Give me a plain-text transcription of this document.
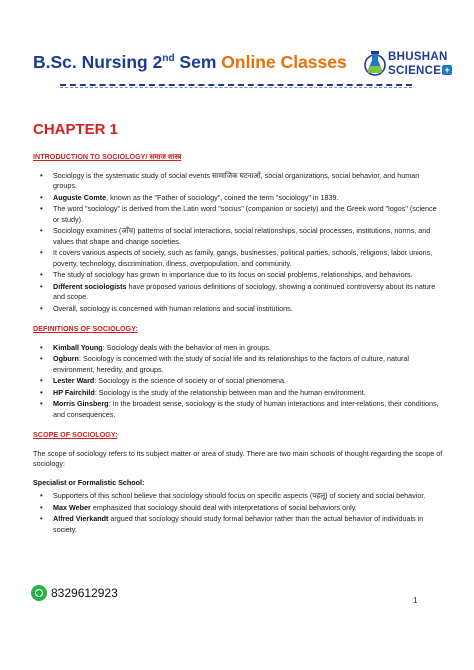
B.Sc. Nursing 2nd Sem Online Classes	BHUSHAN
SCIENCE +
CHAPTER 1
INTRODUCTION TO SOCIOLOGY/ समाज शास्त्र
• Sociology is the systematic study of social events सामाजिक घटनाओं, social organizations, social behavior, and human groups.
• Auguste Comte, known as the "Father of sociology", coined the term "sociology" in 1839.
• The word "sociology" is derived from the Latin word "socius" (companion or society) and the Greek word "logos" (science or study).
• Sociology examines (जाँच) patterns of social interactions, social relationships, social processes, institutions, norms, and values that shape and change societies.
• It covers various aspects of society, such as family, gangs, businesses, political parties, schools, religions, labor unions, poverty, technology, discrimination, illness, overpopulation, and community.
• The study of sociology has grown in importance due to its focus on social problems, relationships, and behaviors.
• Different sociologists have proposed various definitions of sociology, showing a continued controversy about its nature and scope.
• Overall, sociology is concerned with human relations and social institutions.
DEFINITIONS OF SOCIOLOGY:
• Kimball Young: Sociology deals with the behavior of men in groups.
• Ogburn: Sociology is concerned with the study of social life and its relationships to the factors of culture, natural environment, heredity, and groups.
• Lester Ward: Sociology is the science of society or of social phenomena.
• HP Fairchild: Sociology is the study of the relationship between man and the human environment.
• Morris Ginsberg: In the broadest sense, sociology is the study of human interactions and inter-relations, their conditions, and consequences.
SCOPE OF SOCIOLOGY:
The scope of sociology refers to its subject matter or area of study. There are two main schools of thought regarding the scope of sociology:
Specialist or Formalistic School:
• Supporters of this school believe that sociology should focus on specific aspects (पहलू) of society and social behavior.
• Max Weber emphasized that sociology should deal with interpretations of social behaviors only.
• Alfred Vierkandt argued that sociology should study formal behavior rather than the actual behavior of individuals in society.
8329612923
1
